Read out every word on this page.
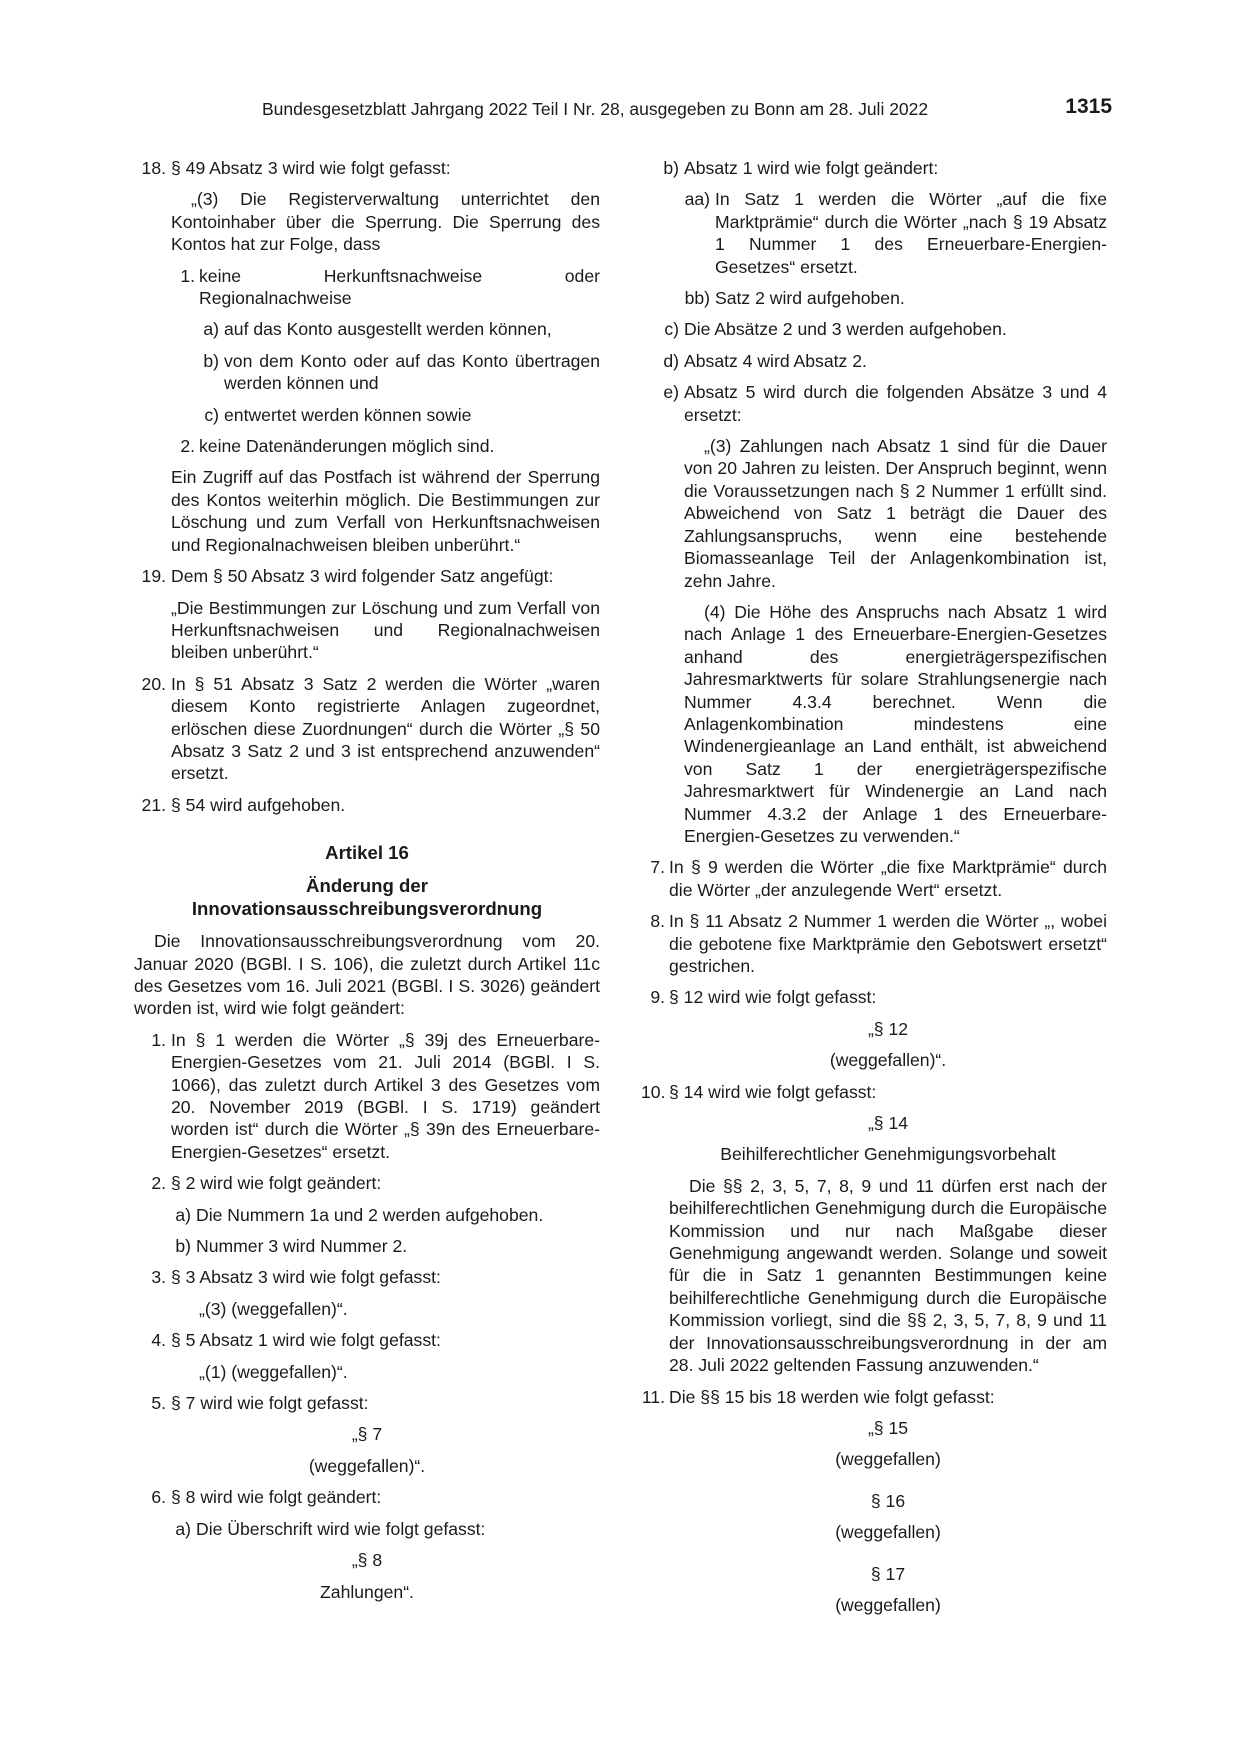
Bundesgesetzblatt Jahrgang 2022 Teil I Nr. 28, ausgegeben zu Bonn am 28. Juli 2022	1315
18. § 49 Absatz 3 wird wie folgt gefasst:

„(3) Die Registerverwaltung unterrichtet den Kontoinhaber über die Sperrung. Die Sperrung des Kontos hat zur Folge, dass

1. keine Herkunftsnachweise oder Regionalnachweise
a) auf das Konto ausgestellt werden können,
b) von dem Konto oder auf das Konto übertragen werden können und
c) entwertet werden können sowie
2. keine Datenänderungen möglich sind.

Ein Zugriff auf das Postfach ist während der Sperrung des Kontos weiterhin möglich. Die Bestimmungen zur Löschung und zum Verfall von Herkunftsnachweisen und Regionalnachweisen bleiben unberührt.“

19. Dem § 50 Absatz 3 wird folgender Satz angefügt:

„Die Bestimmungen zur Löschung und zum Verfall von Herkunftsnachweisen und Regionalnachweisen bleiben unberührt.“

20. In § 51 Absatz 3 Satz 2 werden die Wörter „waren diesem Konto registrierte Anlagen zugeordnet, erlöschen diese Zuordnungen“ durch die Wörter „§ 50 Absatz 3 Satz 2 und 3 ist entsprechend anzuwenden“ ersetzt.
21. § 54 wird aufgehoben.

Artikel 16

Änderung der

Innovationsausschreibungsverordnung

Die Innovationsausschreibungsverordnung vom 20. Januar 2020 (BGBl. I S. 106), die zuletzt durch Artikel 11c des Gesetzes vom 16. Juli 2021 (BGBl. I S. 3026) geändert worden ist, wird wie folgt geändert:

1. In § 1 werden die Wörter „§ 39j des Erneuerbare-Energien-Gesetzes vom 21. Juli 2014 (BGBl. I S. 1066), das zuletzt durch Artikel 3 des Gesetzes vom 20. November 2019 (BGBl. I S. 1719) geändert worden ist“ durch die Wörter „§ 39n des Erneuerbare-Energien-Gesetzes“ ersetzt.
2. § 2 wird wie folgt geändert:
a) Die Nummern 1a und 2 werden aufgehoben.
b) Nummer 3 wird Nummer 2.
3. § 3 Absatz 3 wird wie folgt gefasst:

„(3) (weggefallen)“.

4. § 5 Absatz 1 wird wie folgt gefasst:

„(1) (weggefallen)“.

5. § 7 wird wie folgt gefasst:

„§ 7

(weggefallen)“.

6. § 8 wird wie folgt geändert:
a) Die Überschrift wird wie folgt gefasst:

„§ 8

Zahlungen“.

b) Absatz 1 wird wie folgt geändert:
aa) In Satz 1 werden die Wörter „auf die fixe Marktprämie“ durch die Wörter „nach § 19 Absatz 1 Nummer 1 des Erneuerbare-Energien-Gesetzes“ ersetzt.
bb) Satz 2 wird aufgehoben.
c) Die Absätze 2 und 3 werden aufgehoben.
d) Absatz 4 wird Absatz 2.
e) Absatz 5 wird durch die folgenden Absätze 3 und 4 ersetzt:

„(3) Zahlungen nach Absatz 1 sind für die Dauer von 20 Jahren zu leisten. Der Anspruch beginnt, wenn die Voraussetzungen nach § 2 Nummer 1 erfüllt sind. Abweichend von Satz 1 beträgt die Dauer des Zahlungsanspruchs, wenn eine bestehende Biomasseanlage Teil der Anlagenkombination ist, zehn Jahre.

(4) Die Höhe des Anspruchs nach Absatz 1 wird nach Anlage 1 des Erneuerbare-Energien-Gesetzes anhand des energieträgerspezifischen Jahresmarktwerts für solare Strahlungsenergie nach Nummer 4.3.4 berechnet. Wenn die Anlagenkombination mindestens eine Windenergieanlage an Land enthält, ist abweichend von Satz 1 der energieträgerspezifische Jahresmarktwert für Windenergie an Land nach Nummer 4.3.2 der Anlage 1 des Erneuerbare-Energien-Gesetzes zu verwenden.“

7. In § 9 werden die Wörter „die fixe Marktprämie“ durch die Wörter „der anzulegende Wert“ ersetzt.
8. In § 11 Absatz 2 Nummer 1 werden die Wörter „, wobei die gebotene fixe Marktprämie den Gebotswert ersetzt“ gestrichen.
9. § 12 wird wie folgt gefasst:

„§ 12

(weggefallen)“.

10. § 14 wird wie folgt gefasst:

„§ 14

Beihilferechtlicher Genehmigungsvorbehalt

Die §§ 2, 3, 5, 7, 8, 9 und 11 dürfen erst nach der beihilferechtlichen Genehmigung durch die Europäische Kommission und nur nach Maßgabe dieser Genehmigung angewandt werden. Solange und soweit für die in Satz 1 genannten Bestimmungen keine beihilferechtliche Genehmigung durch die Europäische Kommission vorliegt, sind die §§ 2, 3, 5, 7, 8, 9 und 11 der Innovationsausschreibungsverordnung in der am 28. Juli 2022 geltenden Fassung anzuwenden.“

11. Die §§ 15 bis 18 werden wie folgt gefasst:

„§ 15

(weggefallen)

§ 16

(weggefallen)

§ 17

(weggefallen)
